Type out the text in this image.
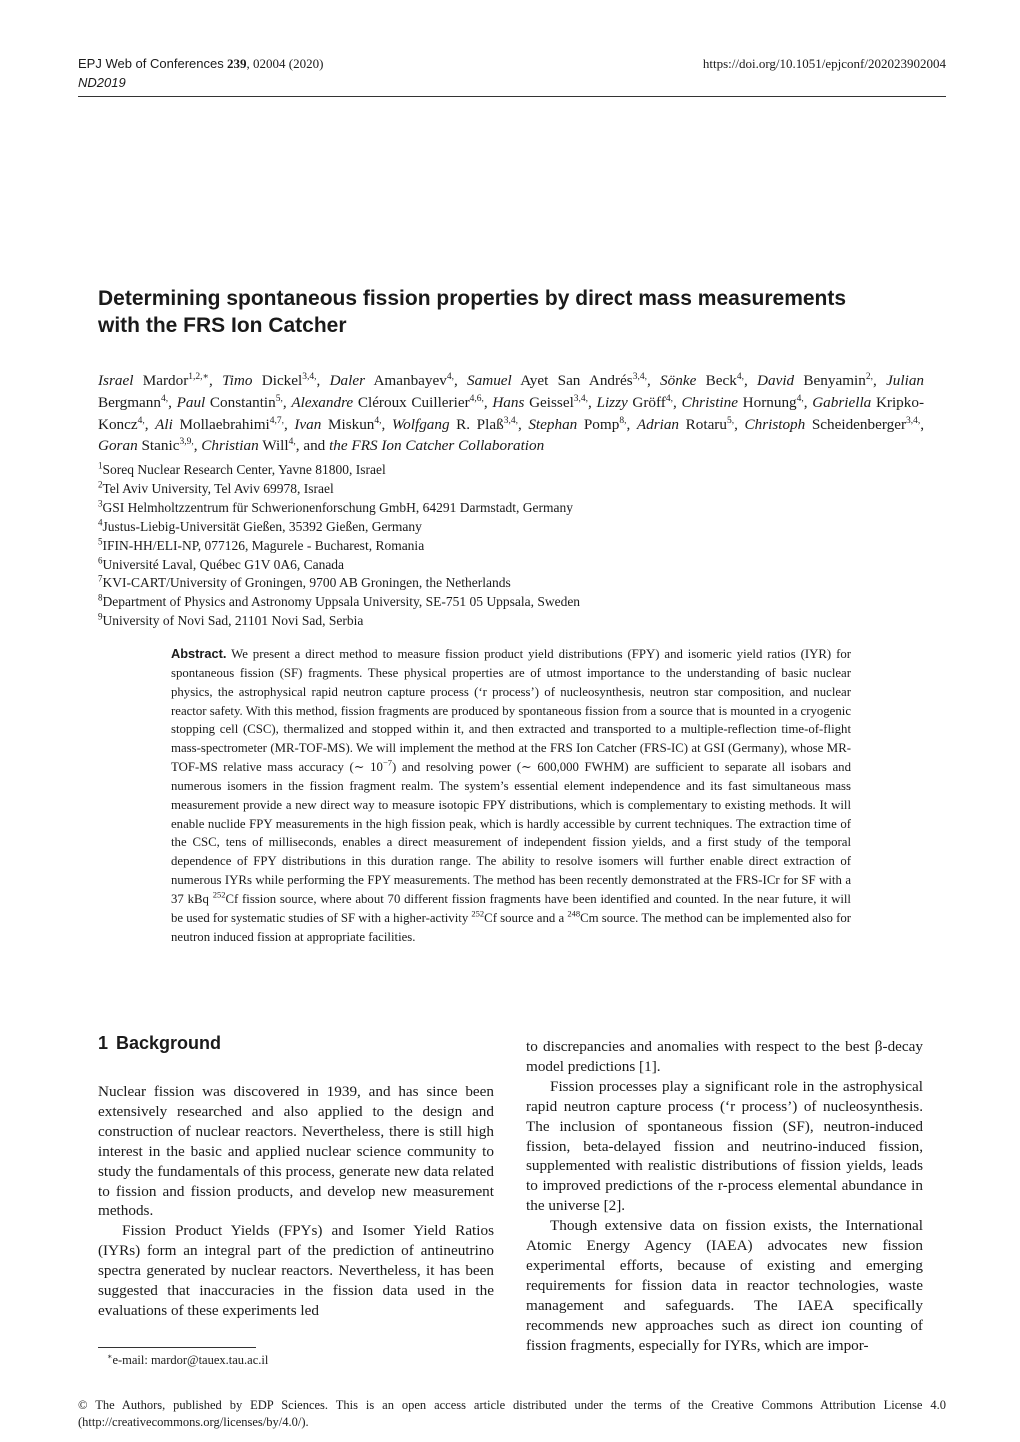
EPJ Web of Conferences 239, 02004 (2020)	https://doi.org/10.1051/epjconf/202023902004
ND2019
Determining spontaneous fission properties by direct mass measurements
with the FRS Ion Catcher
Israel Mardor$^{1,2,∗}$, Timo Dickel$^{3,4,}$, Daler Amanbayev$^{4,}$, Samuel Ayet San Andrés$^{3,4,}$, Sönke Beck$^{4,}$, David Benyamin$^{2,}$, Julian Bergmann$^{4,}$, Paul Constantin$^{5,}$, Alexandre Cléroux Cuillerier$^{4,6,}$, Hans Geissel$^{3,4,}$, Lizzy Gröff$^{4,}$, Christine Hornung$^{4,}$, Gabriella Kripko-Koncz$^{4,}$, Ali Mollaebrahimi$^{4,7,}$, Ivan Miskun$^{4,}$, Wolfgang R. Plaß$^{3,4,}$, Stephan Pomp$^{8,}$, Adrian Rotaru$^{5,}$, Christoph Scheidenberger$^{3,4,}$, Goran Stanic$^{3,9,}$, Christian Will$^{4,}$, and the FRS Ion Catcher Collaboration
$^1$Soreq Nuclear Research Center, Yavne 81800, Israel
$^2$Tel Aviv University, Tel Aviv 69978, Israel
$^3$GSI Helmholtzzentrum für Schwerionenforschung GmbH, 64291 Darmstadt, Germany
$^4$Justus-Liebig-Universität Gießen, 35392 Gießen, Germany
$^5$IFIN-HH/ELI-NP, 077126, Magurele - Bucharest, Romania
$^6$Université Laval, Québec G1V 0A6, Canada
$^7$KVI-CART/University of Groningen, 9700 AB Groningen, the Netherlands
$^8$Department of Physics and Astronomy Uppsala University, SE-751 05 Uppsala, Sweden
$^9$University of Novi Sad, 21101 Novi Sad, Serbia
Abstract. We present a direct method to measure fission product yield distributions (FPY) and isomeric yield ratios (IYR) for spontaneous fission (SF) fragments. These physical properties are of utmost importance to the understanding of basic nuclear physics, the astrophysical rapid neutron capture process (‘r process’) of nucleosynthesis, neutron star composition, and nuclear reactor safety. With this method, fission fragments are produced by spontaneous fission from a source that is mounted in a cryogenic stopping cell (CSC), thermalized and stopped within it, and then extracted and transported to a multiple-reflection time-of-flight mass-spectrometer (MR-TOF-MS). We will implement the method at the FRS Ion Catcher (FRS-IC) at GSI (Germany), whose MR-TOF-MS relative mass accuracy (∼ $10^{-7}$) and resolving power (∼ 600,000 FWHM) are sufficient to separate all isobars and numerous isomers in the fission fragment realm. The system’s essential element independence and its fast simultaneous mass measurement provide a new direct way to measure isotopic FPY distributions, which is complementary to existing methods. It will enable nuclide FPY measurements in the high fission peak, which is hardly accessible by current techniques. The extraction time of the CSC, tens of milliseconds, enables a direct measurement of independent fission yields, and a first study of the temporal dependence of FPY distributions in this duration range. The ability to resolve isomers will further enable direct extraction of numerous IYRs while performing the FPY measurements. The method has been recently demonstrated at the FRS-ICr for SF with a 37 kBq $^{252}$Cf fission source, where about 70 different fission fragments have been identified and counted. In the near future, it will be used for systematic studies of SF with a higher-activity $^{252}$Cf source and a $^{248}$Cm source. The method can be implemented also for neutron induced fission at appropriate facilities.
1 Background

Nuclear fission was discovered in 1939, and has since been extensively researched and also applied to the design and construction of nuclear reactors. Nevertheless, there is still high interest in the basic and applied nuclear science community to study the fundamentals of this process, generate new data related to fission and fission products, and develop new measurement methods.

Fission Product Yields (FPYs) and Isomer Yield Ratios (IYRs) form an integral part of the prediction of antineutrino spectra generated by nuclear reactors. Nevertheless, it has been suggested that inaccuracies in the fission data used in the evaluations of these experiments led

to discrepancies and anomalies with respect to the best β-decay model predictions [1].

Fission processes play a significant role in the astrophysical rapid neutron capture process (‘r process’) of nucleosynthesis. The inclusion of spontaneous fission (SF), neutron-induced fission, beta-delayed fission and neutrino-induced fission, supplemented with realistic distributions of fission yields, leads to improved predictions of the r-process elemental abundance in the universe [2].

Though extensive data on fission exists, the International Atomic Energy Agency (IAEA) advocates new fission experimental efforts, because of existing and emerging requirements for fission data in reactor technologies, waste management and safeguards. The IAEA specifically recommends new approaches such as direct ion counting of fission fragments, especially for IYRs, which are impor-

∗e-mail: mardor@tauex.tau.ac.il
© The Authors, published by EDP Sciences. This is an open access article distributed under the terms of the Creative Commons Attribution License 4.0 (http://creativecommons.org/licenses/by/4.0/).
